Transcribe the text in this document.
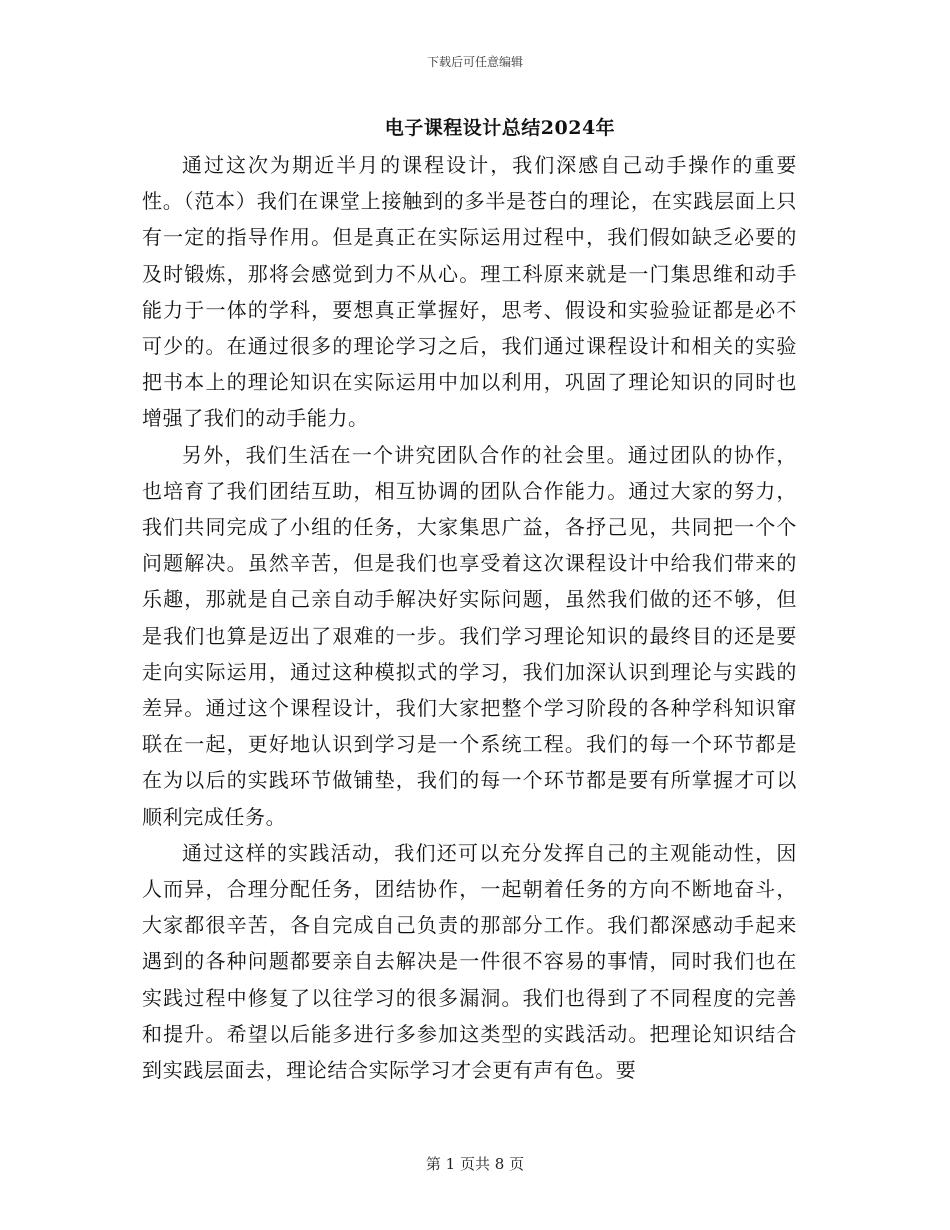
下载后可任意编辑
电子课程设计总结2024年

通过这次为期近半月的课程设计，我们深感自己动手操作的重要性。（范本）我们在课堂上接触到的多半是苍白的理论，在实践层面上只有一定的指导作用。但是真正在实际运用过程中，我们假如缺乏必要的及时锻炼，那将会感觉到力不从心。理工科原来就是一门集思维和动手能力于一体的学科，要想真正掌握好，思考、假设和实验验证都是必不可少的。在通过很多的理论学习之后，我们通过课程设计和相关的实验把书本上的理论知识在实际运用中加以利用，巩固了理论知识的同时也增强了我们的动手能力。

另外，我们生活在一个讲究团队合作的社会里。通过团队的协作，也培育了我们团结互助，相互协调的团队合作能力。通过大家的努力，我们共同完成了小组的任务，大家集思广益，各抒己见，共同把一个个问题解决。虽然辛苦，但是我们也享受着这次课程设计中给我们带来的乐趣，那就是自己亲自动手解决好实际问题，虽然我们做的还不够，但是我们也算是迈出了艰难的一步。我们学习理论知识的最终目的还是要走向实际运用，通过这种模拟式的学习，我们加深认识到理论与实践的差异。通过这个课程设计，我们大家把整个学习阶段的各种学科知识窜联在一起，更好地认识到学习是一个系统工程。我们的每一个环节都是在为以后的实践环节做铺垫，我们的每一个环节都是要有所掌握才可以顺利完成任务。

通过这样的实践活动，我们还可以充分发挥自己的主观能动性，因人而异，合理分配任务，团结协作，一起朝着任务的方向不断地奋斗，大家都很辛苦，各自完成自己负责的那部分工作。我们都深感动手起来遇到的各种问题都要亲自去解决是一件很不容易的事情，同时我们也在实践过程中修复了以往学习的很多漏洞。我们也得到了不同程度的完善和提升。希望以后能多进行多参加这类型的实践活动。把理论知识结合到实践层面去，理论结合实际学习才会更有声有色。要

第 1 页共 8 页
